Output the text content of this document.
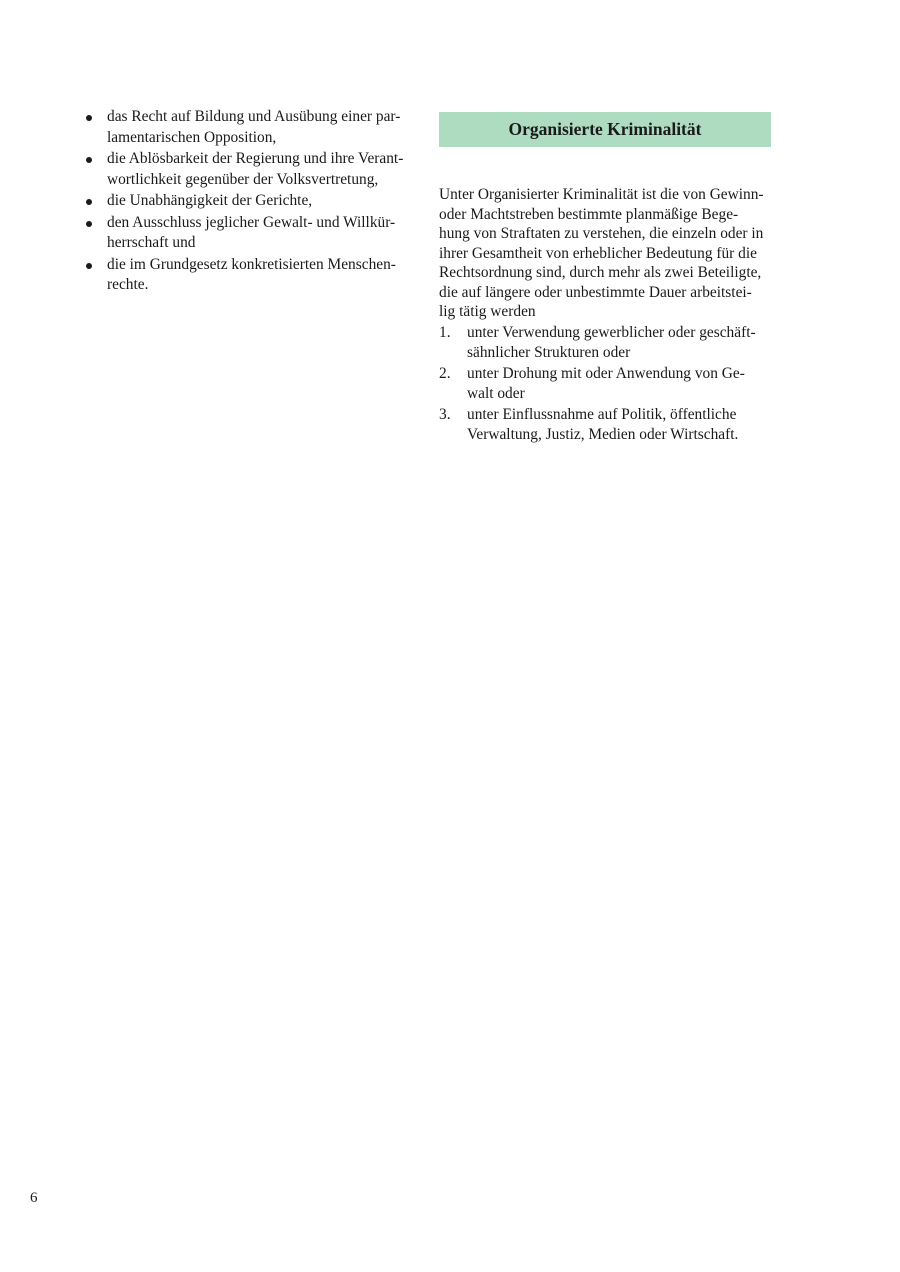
das Recht auf Bildung und Ausübung einer par-
lamentarischen Opposition,
die Ablösbarkeit der Regierung und ihre Verant-
wortlichkeit gegenüber der Volksvertretung,
die Unabhängigkeit der Gerichte,
den Ausschluss jeglicher Gewalt- und Willkür-
herrschaft und
die im Grundgesetz konkretisierten Menschen-
rechte.
Organisierte Kriminalität

Unter Organisierter Kriminalität ist die von Gewinn-
oder Machtstreben bestimmte planmäßige Bege-
hung von Straftaten zu verstehen, die einzeln oder in
ihrer Gesamtheit von erheblicher Bedeutung für die
Rechtsordnung sind, durch mehr als zwei Beteiligte,
die auf längere oder unbestimmte Dauer arbeitstei-
lig tätig werden

1. unter Verwendung gewerblicher oder geschäft-
sähnlicher Strukturen oder
2. unter Drohung mit oder Anwendung von Ge-
walt oder
3. unter Einflussnahme auf Politik, öffentliche
Verwaltung, Justiz, Medien oder Wirtschaft.
6
